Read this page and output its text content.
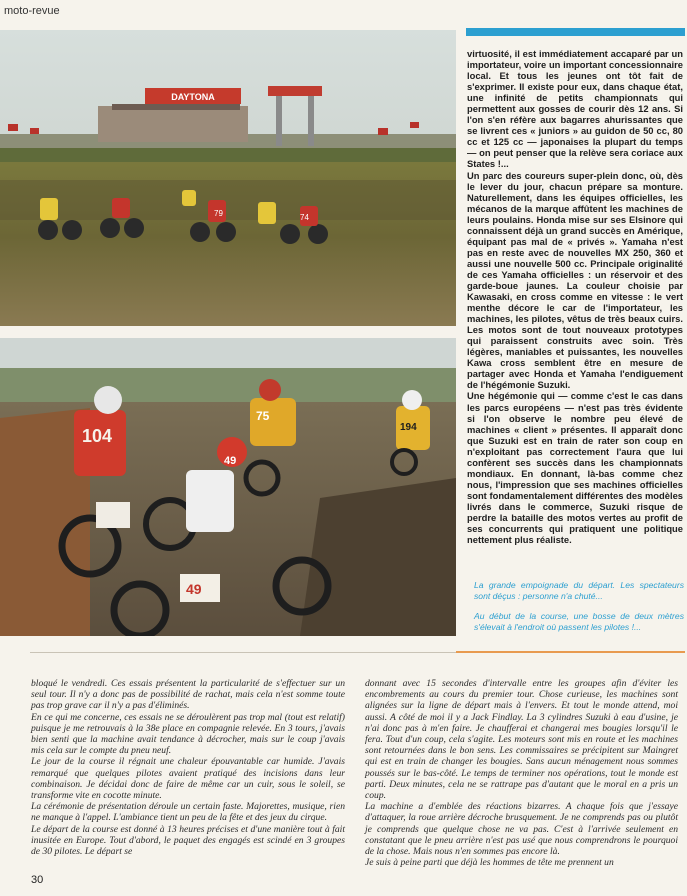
moto-revue
DAYTONA
74
79
104
49
49
75
194

virtuosité, il est immédiatement accaparé par un importateur, voire un important concessionnaire local. Et tous les jeunes ont tôt fait de s'exprimer. Il existe pour eux, dans chaque état, une infinité de petits championnats qui permettent aux gosses de courir dès 12 ans. Si l'on s'en réfère aux bagarres ahurissantes que se livrent ces « juniors » au guidon de 50 cc, 80 cc et 125 cc — japonaises la plupart du temps — on peut penser que la relève sera coriace aux States !...

Un parc des coureurs super-plein donc, où, dès le lever du jour, chacun prépare sa monture. Naturellement, dans les équipes officielles, les mécanos de la marque affûtent les machines de leurs poulains. Honda mise sur ses Elsinore qui connaissent déjà un grand succès en Amérique, équipant pas mal de « privés ». Yamaha n'est pas en reste avec de nouvelles MX 250, 360 et aussi une nouvelle 500 cc. Principale originalité de ces Yamaha officielles : un réservoir et des garde-boue jaunes. La couleur choisie par Kawasaki, en cross comme en vitesse : le vert menthe décore le car de l'importateur, les machines, les pilotes, vêtus de très beaux cuirs. Les motos sont de tout nouveaux prototypes qui paraissent construits avec soin. Très légères, maniables et puissantes, les nouvelles Kawa cross semblent être en mesure de partager avec Honda et Yamaha l'endiguement de l'hégémonie Suzuki.

Une hégémonie qui — comme c'est le cas dans les parcs européens — n'est pas très évidente si l'on observe le nombre peu élevé de machines « client » présentes. Il apparaît donc que Suzuki est en train de rater son coup en n'exploitant pas correctement l'aura que lui confèrent ses succès dans les championnats mondiaux. En donnant, là-bas comme chez nous, l'impression que ses machines officielles sont fondamentalement différentes des modèles livrés dans le commerce, Suzuki risque de perdre la bataille des motos vertes au profit de ses concurrents qui pratiquent une politique nettement plus réaliste.

La grande empoignade du départ. Les spectateurs sont déçus : personne n'a chuté...

Au début de la course, une bosse de deux mètres s'élevait à l'endroit où passent les pilotes !...

bloqué le vendredi. Ces essais présentent la particularité de s'effectuer sur un seul tour. Il n'y a donc pas de possibilité de rachat, mais cela n'est somme toute pas trop grave car il n'y a pas d'éliminés.

En ce qui me concerne, ces essais ne se déroulèrent pas trop mal (tout est relatif) puisque je me retrouvais à la 38e place en compagnie relevée. En 3 tours, j'avais bien senti que la machine avait tendance à décrocher, mais sur le coup j'avais mis cela sur le compte du pneu neuf.

Le jour de la course il régnait une chaleur épouvantable car humide. J'avais remarqué que quelques pilotes avaient pratiqué des incisions dans leur combinaison. Je décidai donc de faire de même car un cuir, sous le soleil, se transforme vite en cocotte minute.

La cérémonie de présentation déroule un certain faste. Majorettes, musique, rien ne manque à l'appel. L'ambiance tient un peu de la fête et des jeux du cirque.

Le départ de la course est donné à 13 heures précises et d'une manière tout à fait inusitée en Europe. Tout d'abord, le paquet des engagés est scindé en 3 groupes de 30 pilotes. Le départ se

donnant avec 15 secondes d'intervalle entre les groupes afin d'éviter les encombrements au cours du premier tour. Chose curieuse, les machines sont alignées sur la ligne de départ mais à l'envers. Et tout le monde attend, moi aussi. A côté de moi il y a Jack Findlay. La 3 cylindres Suzuki à eau d'usine, je n'ai donc pas à m'en faire. Je chaufferai et changerai mes bougies lorsqu'il le fera. Tout d'un coup, cela s'agite. Les moteurs sont mis en route et les machines sont retournées dans le bon sens. Les commissaires se précipitent sur Maingret qui est en train de changer les bougies. Sans aucun ménagement nous sommes poussés sur le bas-côté. Le temps de terminer nos opérations, tout le monde est parti. Deux minutes, cela ne se rattrape pas d'autant que le moral en a pris un coup.

La machine a d'emblée des réactions bizarres. A chaque fois que j'essaye d'attaquer, la roue arrière décroche brusquement. Je ne comprends pas ou plutôt je comprends que quelque chose ne va pas. C'est à l'arrivée seulement en constatant que le pneu arrière n'est pas usé que nous comprendrons le pourquoi de la chose. Mais nous n'en sommes pas encore là.

Je suis à peine parti que déjà les hommes de tête me prennent un

30
